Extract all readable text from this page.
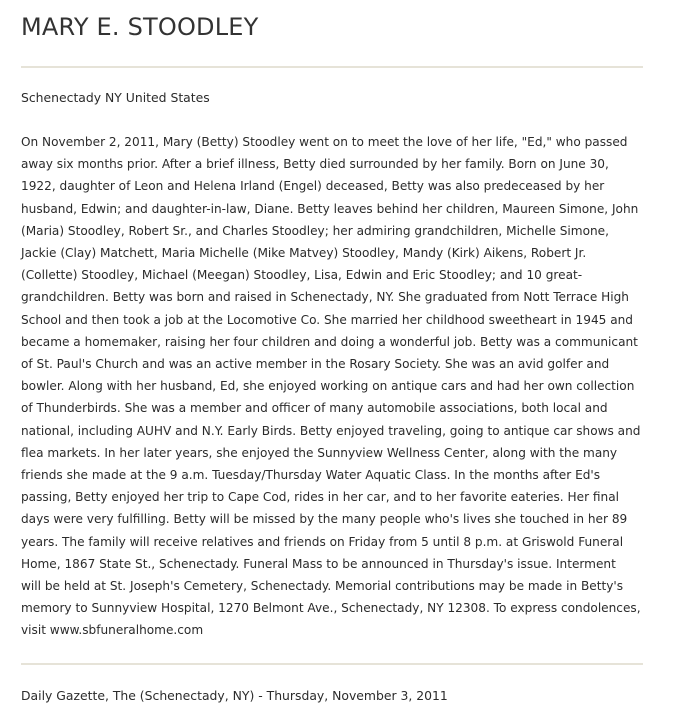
MARY E. STOODLEY
Schenectady NY United States
On November 2, 2011, Mary (Betty) Stoodley went on to meet the love of her life, "Ed," who passed
away six months prior. After a brief illness, Betty died surrounded by her family. Born on June 30,
1922, daughter of Leon and Helena Irland (Engel) deceased, Betty was also predeceased by her
husband, Edwin; and daughter-in-law, Diane. Betty leaves behind her children, Maureen Simone, John
(Maria) Stoodley, Robert Sr., and Charles Stoodley; her admiring grandchildren, Michelle Simone,
Jackie (Clay) Matchett, Maria Michelle (Mike Matvey) Stoodley, Mandy (Kirk) Aikens, Robert Jr.
(Collette) Stoodley, Michael (Meegan) Stoodley, Lisa, Edwin and Eric Stoodley; and 10 great-
grandchildren. Betty was born and raised in Schenectady, NY. She graduated from Nott Terrace High
School and then took a job at the Locomotive Co. She married her childhood sweetheart in 1945 and
became a homemaker, raising her four children and doing a wonderful job. Betty was a communicant
of St. Paul's Church and was an active member in the Rosary Society. She was an avid golfer and
bowler. Along with her husband, Ed, she enjoyed working on antique cars and had her own collection
of Thunderbirds. She was a member and officer of many automobile associations, both local and
national, including AUHV and N.Y. Early Birds. Betty enjoyed traveling, going to antique car shows and
flea markets. In her later years, she enjoyed the Sunnyview Wellness Center, along with the many
friends she made at the 9 a.m. Tuesday/Thursday Water Aquatic Class. In the months after Ed's
passing, Betty enjoyed her trip to Cape Cod, rides in her car, and to her favorite eateries. Her final
days were very fulfilling. Betty will be missed by the many people who's lives she touched in her 89
years. The family will receive relatives and friends on Friday from 5 until 8 p.m. at Griswold Funeral
Home, 1867 State St., Schenectady. Funeral Mass to be announced in Thursday's issue. Interment
will be held at St. Joseph's Cemetery, Schenectady. Memorial contributions may be made in Betty's
memory to Sunnyview Hospital, 1270 Belmont Ave., Schenectady, NY 12308. To express condolences,
visit www.sbfuneralhome.com
Daily Gazette, The (Schenectady, NY) - Thursday, November 3, 2011
